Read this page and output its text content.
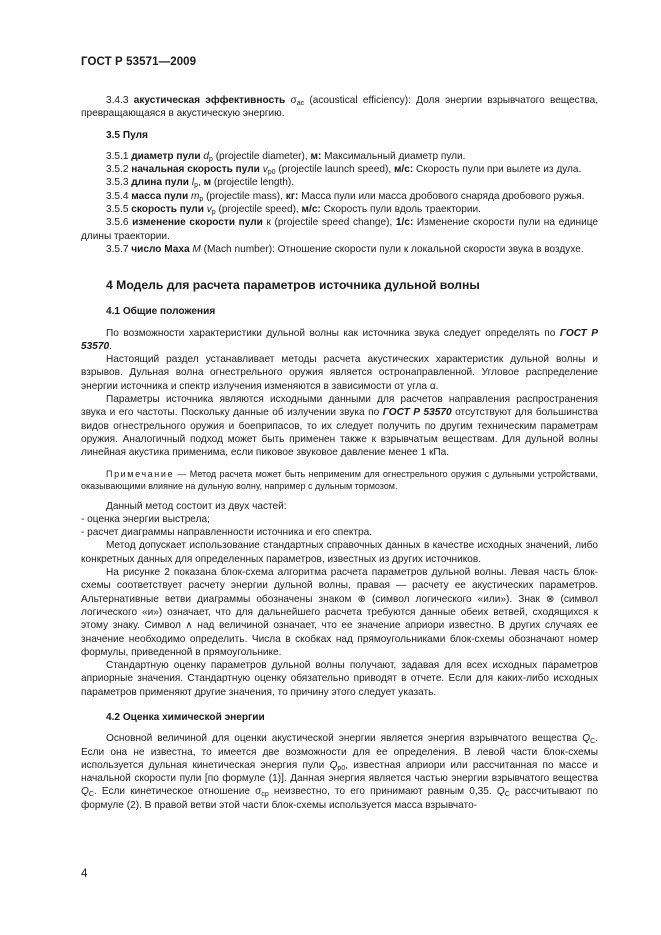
ГОСТ Р 53571—2009

3.4.3 акустическая эффективность $\sigma_{ас}$ (acoustical efficiency): Доля энергии взрывчатого вещества, превращающаяся в акустическую энергию.

3.5 Пуля

3.5.1 диаметр пули $d_p$ (projectile diameter), м: Максимальный диаметр пули.

3.5.2 начальная скорость пули $v_{p0}$ (projectile launch speed), м/с: Скорость пули при вылете из дула.

3.5.3 длина пули $l_p$, м (projectile length).

3.5.4 масса пули $m_p$ (projectile mass), кг: Масса пули или масса дробового снаряда дробового ружья.

3.5.5 скорость пули $v_p$ (projectile speed), м/с: Скорость пули вдоль траектории.

3.5.6 изменение скорости пули к (projectile speed change), 1/с: Изменение скорости пули на единице длины траектории.

3.5.7 число Маха M (Mach number): Отношение скорости пули к локальной скорости звука в воздухе.

4 Модель для расчета параметров источника дульной волны

4.1 Общие положения

По возможности характеристики дульной волны как источника звука следует определять по ГОСТ Р 53570.

Настоящий раздел устанавливает методы расчета акустических характеристик дульной волны и взрывов. Дульная волна огнестрельного оружия является остронаправленной. Угловое распределение энергии источника и спектр излучения изменяются в зависимости от угла α.

Параметры источника являются исходными данными для расчетов направления распространения звука и его частоты. Поскольку данные об излучении звука по ГОСТ Р 53570 отсутствуют для большинства видов огнестрельного оружия и боеприпасов, то их следует получить по другим техническим параметрам оружия. Аналогичный подход может быть применен также к взрывчатым веществам. Для дульной волны линейная акустика применима, если пиковое звуковое давление менее 1 кПа.

Примечание — Метод расчета может быть неприменим для огнестрельного оружия с дульными устройствами, оказывающими влияние на дульную волну, например с дульным тормозом.

Данный метод состоит из двух частей:

- оценка энергии выстрела;

- расчет диаграммы направленности источника и его спектра.

Метод допускает использование стандартных справочных данных в качестве исходных значений, либо конкретных данных для определенных параметров, известных из других источников.

На рисунке 2 показана блок-схема алгоритма расчета параметров дульной волны. Левая часть блок-схемы соответствует расчету энергии дульной волны, правая — расчету ее акустических параметров. Альтернативные ветви диаграммы обозначены знаком ⊕ (символ логического «или»). Знак ⊗ (символ логического «и») означает, что для дальнейшего расчета требуются данные обеих ветвей, сходящихся к этому знаку. Символ ∧ над величиной означает, что ее значение априори известно. В других случаях ее значение необходимо определить. Числа в скобках над прямоугольниками блок-схемы обозначают номер формулы, приведенной в прямоугольнике.

Стандартную оценку параметров дульной волны получают, задавая для всех исходных параметров априорные значения. Стандартную оценку обязательно приводят в отчете. Если для каких-либо исходных параметров применяют другие значения, то причину этого следует указать.

4.2 Оценка химической энергии

Основной величиной для оценки акустической энергии является энергия взрывчатого вещества $Q_C$. Если она не известна, то имеется две возможности для ее определения. В левой части блок-схемы используется дульная кинетическая энергия пули $Q_{p0}$, известная априори или рассчитанная по массе и начальной скорости пули [по формуле (1)]. Данная энергия является частью энергии взрывчатого вещества $Q_C$. Если кинетическое отношение $\sigma_{cp}$ неизвестно, то его принимают равным 0,35. $Q_C$ рассчитывают по формуле (2). В правой ветви этой части блок-схемы используется масса взрывчато-

4
